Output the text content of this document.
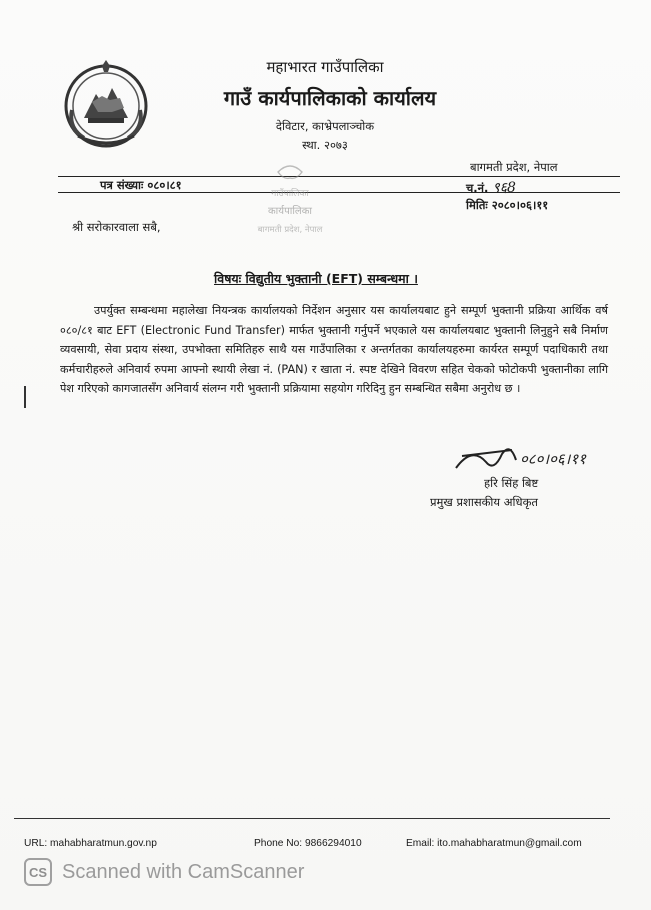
महाभारत गाउँपालिका
गाउँ कार्यपालिकाको कार्यालय
देविटार, काभ्रेपलाञ्चोक
स्था. २०७३
बागमती प्रदेश, नेपाल
पत्र संख्याः ०८०।८१	च.नं. ९६8
मितिः २०८०।०६।११
गाउँपालिका
कार्यपालिका
बागमती प्रदेश, नेपाल
श्री सरोकारवाला सबै,
विषयः विद्युतीय भुक्तानी (EFT) सम्बन्धमा ।
उपर्युक्त सम्बन्धमा महालेखा नियन्त्रक कार्यालयको निर्देशन अनुसार यस कार्यालयबाट हुने सम्पूर्ण भुक्तानी प्रक्रिया आर्थिक वर्ष ०८०/८१ बाट EFT (Electronic Fund Transfer) मार्फत भुक्तानी गर्नुपर्ने भएकाले यस कार्यालयबाट भुक्तानी लिनुहुने सबै निर्माण व्यवसायी, सेवा प्रदाय संस्था, उपभोक्ता समितिहरु साथै यस गाउँपालिका र अन्तर्गतका कार्यालयहरुमा कार्यरत सम्पूर्ण पदाधिकारी तथा कर्मचारीहरुले अनिवार्य रुपमा आफ्नो स्थायी लेखा नं. (PAN) र खाता नं. स्पष्ट देखिने विवरण सहित चेकको फोटोकपी भुक्तानीका लागि पेश गरिएको कागजातसँग अनिवार्य संलग्न गरी भुक्तानी प्रक्रियामा सहयोग गरिदिनु हुन सम्बन्धित सबैमा अनुरोध छ ।
०८०।०६।११
हरि सिंह बिष्ट
प्रमुख प्रशासकीय अधिकृत
URL: mahabharatmun.gov.np	Phone No: 9866294010	Email: ito.mahabharatmun@gmail.com
CS Scanned with CamScanner
